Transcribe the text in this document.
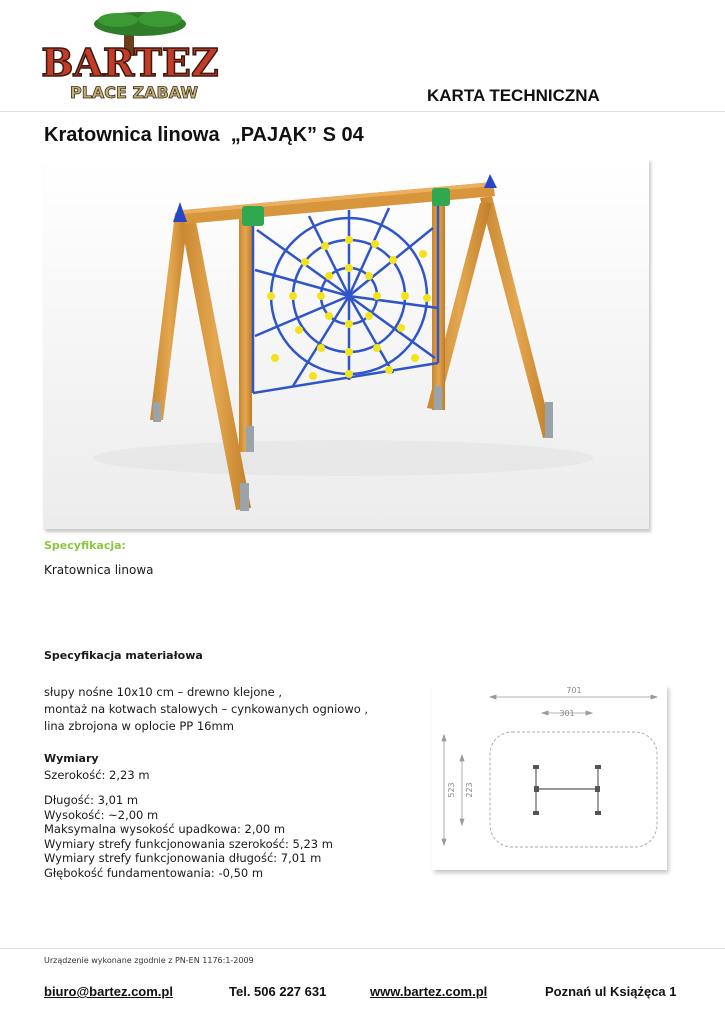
BARTEZ
PLACE ZABAW	KARTA TECHNICZNA
Kratownica linowa  „PAJĄK” S 04
Specyfikacja:
Kratownica linowa
Specyfikacja materiałowa
słupy nośne 10x10 cm – drewno klejone ,
montaż na kotwach stalowych – cynkowanych ogniowo ,
lina zbrojona w oplocie PP 16mm
Wymiary
Szerokość: 2,23 m
Długość: 3,01 m
Wysokość: ~2,00 m
Maksymalna wysokość upadkowa: 2,00 m
Wymiary strefy funkcjonowania szerokość: 5,23 m
Wymiary strefy funkcjonowania długość: 7,01 m
Głębokość fundamentowania: -0,50 m
701
301
523 223
Urządzenie wykonane zgodnie z PN-EN 1176:1-2009
biuro@bartez.com.pl	Tel. 506 227 631	www.bartez.com.pl	Poznań ul Książęca 1
